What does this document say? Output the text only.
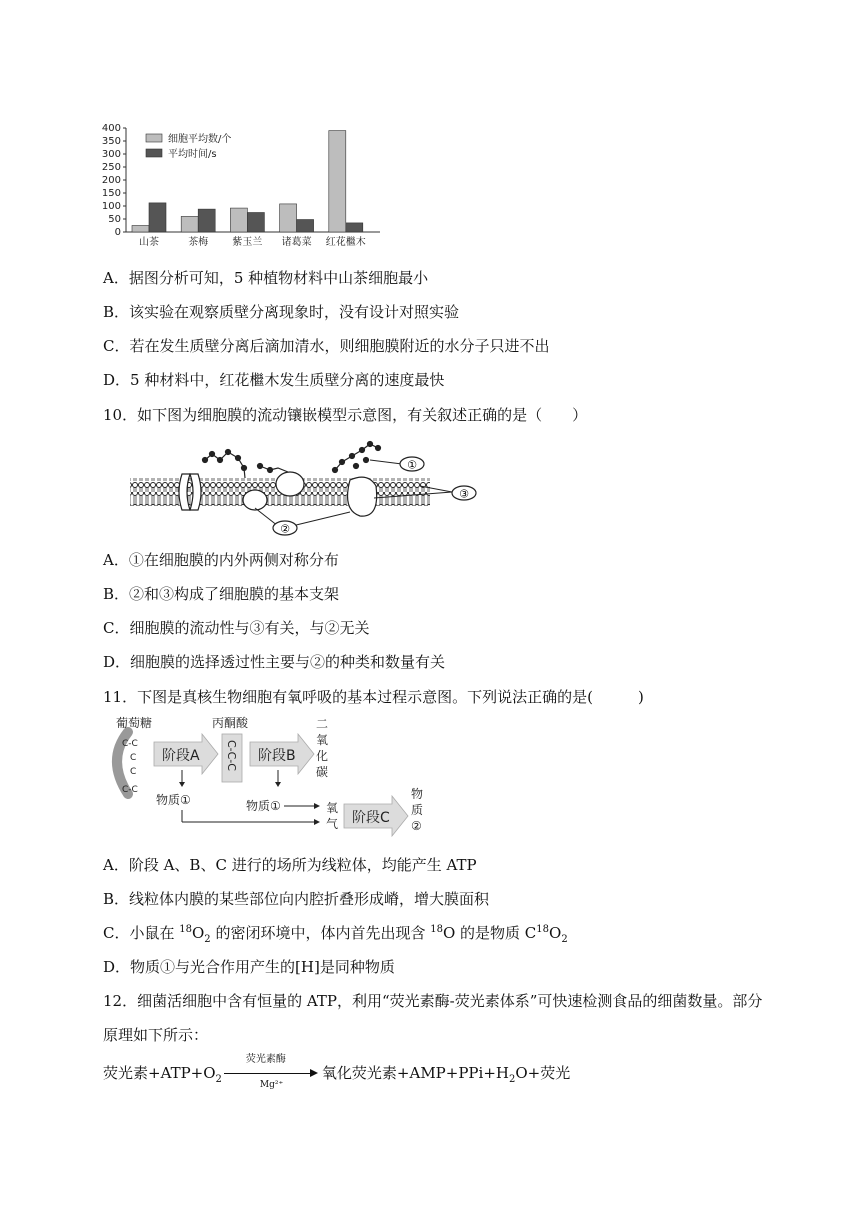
0
50
100
150
200
250
300
350
400
山茶	茶梅 紫玉兰 诸葛菜 红花檵木
细胞平均数/个
平均时间/s
A．据图分析可知，5 种植物材料中山茶细胞最小
B．该实验在观察质壁分离现象时，没有设计对照实验
C．若在发生质壁分离后滴加清水，则细胞膜附近的水分子只进不出
D．5 种材料中，红花檵木发生质壁分离的速度最快
10．如下图为细胞膜的流动镶嵌模型示意图，有关叙述正确的是（　　）
①
③
②
A．①在细胞膜的内外两侧对称分布
B．②和③构成了细胞膜的基本支架
C．细胞膜的流动性与③有关，与②无关
D．细胞膜的选择透过性主要与②的种类和数量有关
11．下图是真核生物细胞有氧呼吸的基本过程示意图。下列说法正确的是(　　　)
葡萄糖
C-C
C
C
C-C
阶段A
丙酮酸
C-C-C 阶段B
二氧化碳
物质①	物质①	氧气 阶段C
物质 ②
A．阶段 A、B、C 进行的场所为线粒体，均能产生 ATP
B．线粒体内膜的某些部位向内腔折叠形成嵴，增大膜面积
C．小鼠在 $^{18}O_2$ 的密闭环境中，体内首先出现含 $^{18}$O 的是物质 $C^{18}O_2$
D．物质①与光合作用产生的[H]是同种物质
12．细菌活细胞中含有恒量的 ATP，利用“荧光素酶-荧光素体系”可快速检测食品的细菌数量。部分
原理如下所示：
荧光素$+ATP+O_2$
荧光素酶
Mg²⁺
氧化荧光素$+AMP+PPi+H_2O+$荧光
